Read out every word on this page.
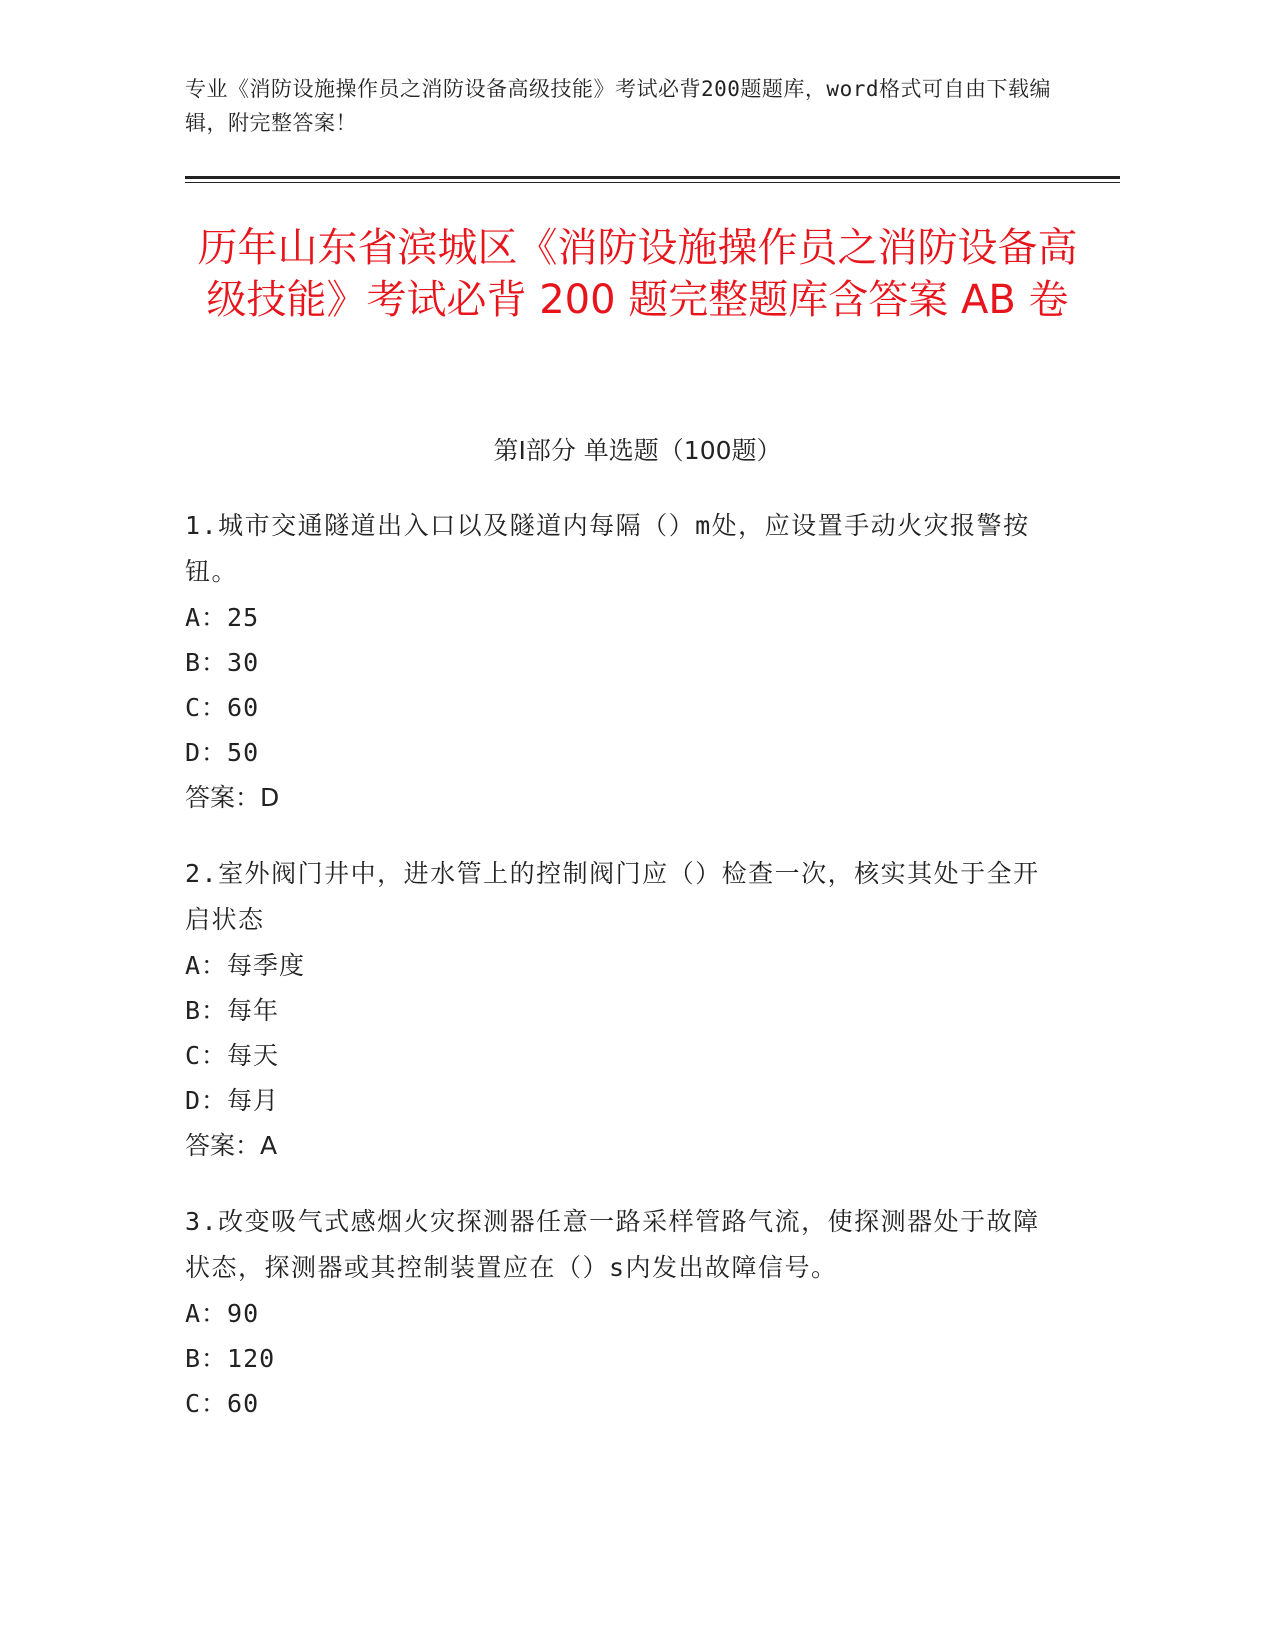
专业《消防设施操作员之消防设备高级技能》考试必背200题题库，word格式可自由下载编辑，附完整答案！
历年山东省滨城区《消防设施操作员之消防设备高级技能》考试必背 200 题完整题库含答案 AB 卷
第Ⅰ部分 单选题（100题）
1.城市交通隧道出入口以及隧道内每隔（）m处，应设置手动火灾报警按钮。
A：25
B：30
C：60
D：50
答案：D
2.室外阀门井中，进水管上的控制阀门应（）检查一次，核实其处于全开启状态
A：每季度
B：每年
C：每天
D：每月
答案：A
3.改变吸气式感烟火灾探测器任意一路采样管路气流，使探测器处于故障状态，探测器或其控制装置应在（）s内发出故障信号。
A：90
B：120
C：60
